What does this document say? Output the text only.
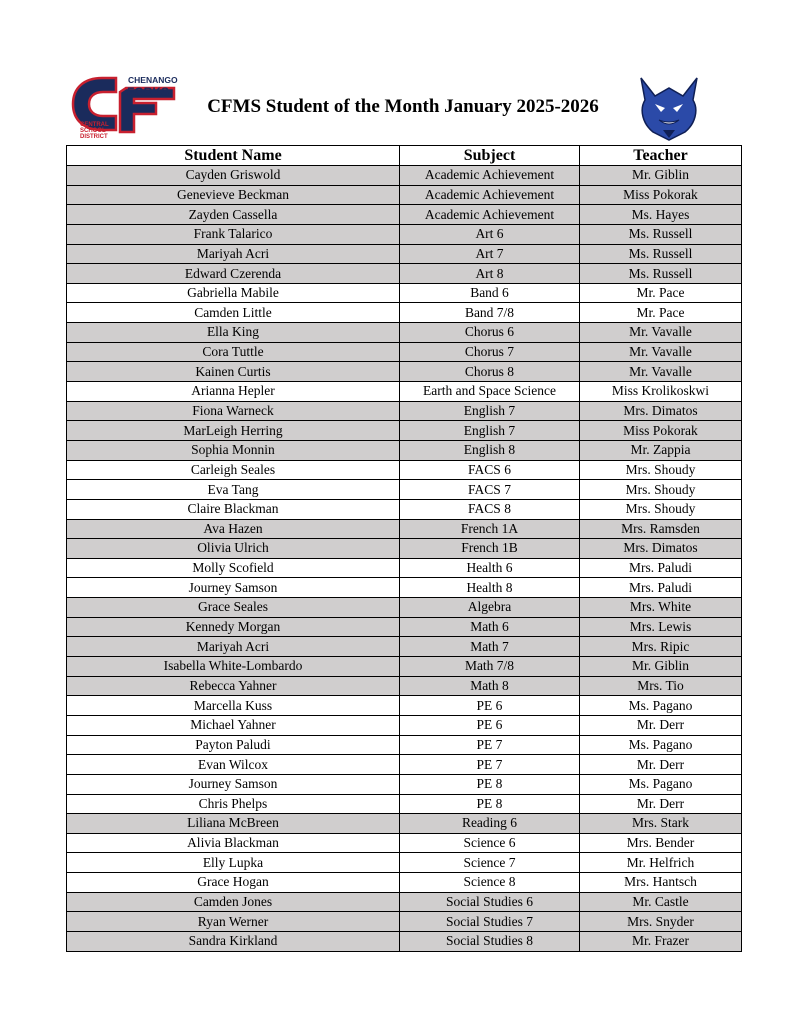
CHENANGO
FORKS
CENTRAL
SCHOOL
DISTRICT
CFMS Student of the Month January 2025-2026
Student Name	Subject	Teacher
Cayden Griswold	Academic Achievement	Mr. Giblin
Genevieve Beckman	Academic Achievement	Miss Pokorak
Zayden Cassella	Academic Achievement	Ms. Hayes
Frank Talarico	Art 6	Ms. Russell
Mariyah Acri	Art 7	Ms. Russell
Edward Czerenda	Art 8	Ms. Russell
Gabriella Mabile	Band 6	Mr. Pace
Camden Little	Band 7/8	Mr. Pace
Ella King	Chorus 6	Mr. Vavalle
Cora Tuttle	Chorus 7	Mr. Vavalle
Kainen Curtis	Chorus 8	Mr. Vavalle
Arianna Hepler	Earth and Space Science	Miss Krolikoskwi
Fiona Warneck	English 7	Mrs. Dimatos
MarLeigh Herring	English 7	Miss Pokorak
Sophia Monnin	English 8	Mr. Zappia
Carleigh Seales	FACS 6	Mrs. Shoudy
Eva Tang	FACS 7	Mrs. Shoudy
Claire Blackman	FACS 8	Mrs. Shoudy
Ava Hazen	French 1A	Mrs. Ramsden
Olivia Ulrich	French 1B	Mrs. Dimatos
Molly Scofield	Health 6	Mrs. Paludi
Journey Samson	Health 8	Mrs. Paludi
Grace Seales	Algebra	Mrs. White
Kennedy Morgan	Math 6	Mrs. Lewis
Mariyah Acri	Math 7	Mrs. Ripic
Isabella White-Lombardo	Math 7/8	Mr. Giblin
Rebecca Yahner	Math 8	Mrs. Tio
Marcella Kuss	PE 6	Ms. Pagano
Michael Yahner	PE 6	Mr. Derr
Payton Paludi	PE 7	Ms. Pagano
Evan Wilcox	PE 7	Mr. Derr
Journey Samson	PE 8	Ms. Pagano
Chris Phelps	PE 8	Mr. Derr
Liliana McBreen	Reading 6	Mrs. Stark
Alivia Blackman	Science 6	Mrs. Bender
Elly Lupka	Science 7	Mr. Helfrich
Grace Hogan	Science 8	Mrs. Hantsch
Camden Jones	Social Studies 6	Mr. Castle
Ryan Werner	Social Studies 7	Mrs. Snyder
Sandra Kirkland	Social Studies 8	Mr. Frazer
